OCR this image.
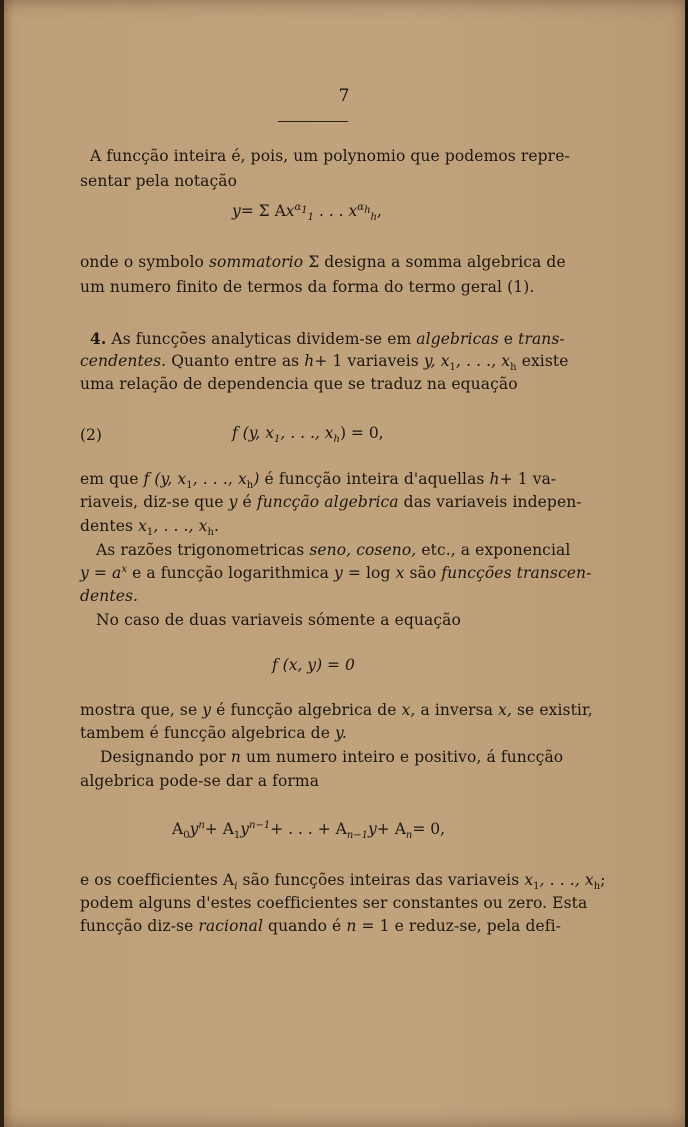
7
A funcção inteira é, pois, um polynomio que podemos repre-
sentar pela notação
y= Σ $Ax^{\alpha_1}_1$ . . . $x^{\alpha_h}_h$,
onde o symbolo sommatorio Σ designa a somma algebrica de
um numero finito de termos da forma do termo geral (1).
4. As funcções analyticas dividem-se em algebricas e trans-
cendentes. Quanto entre as h+ 1 variaveis y, $x_1$, . . ., $x_h$ existe
uma relação de dependencia que se traduz na equação
(2)	f (y, $x_1$, . . ., $x_h) = 0$,
em que f (y, $x_1$, . . ., $x_h$) é funcção inteira d'aquellas h+ 1 va-
riaveis, diz-se que y é funcção algebrica das variaveis indepen-
dentes $x_1$, . . ., $x_h$.
As razões trigonometricas seno, coseno, etc., a exponencial
$y = a^x$ e a funcção logarithmica y = log x são funcções transcen-
dentes.
No caso de duas variaveis sómente a equação
f (x, y) = 0
mostra que, se y é funcção algebrica de x, a inversa x, se existir,
tambem é funcção algebrica de y.
Designando por n um numero inteiro e positivo, á funcção
algebrica pode-se dar a forma
$A_0y^n+ A_1y^{n-1}+$ . . . + $A_{n-1}y+ A_n= 0$,
e os coefficientes $A_i$ são funcções inteiras das variaveis $x_1$, . . ., $x_h$;
podem alguns d'estes coefficientes ser constantes ou zero. Esta
funcção diz-se racional quando é n = 1 e reduz-se, pela defi-
